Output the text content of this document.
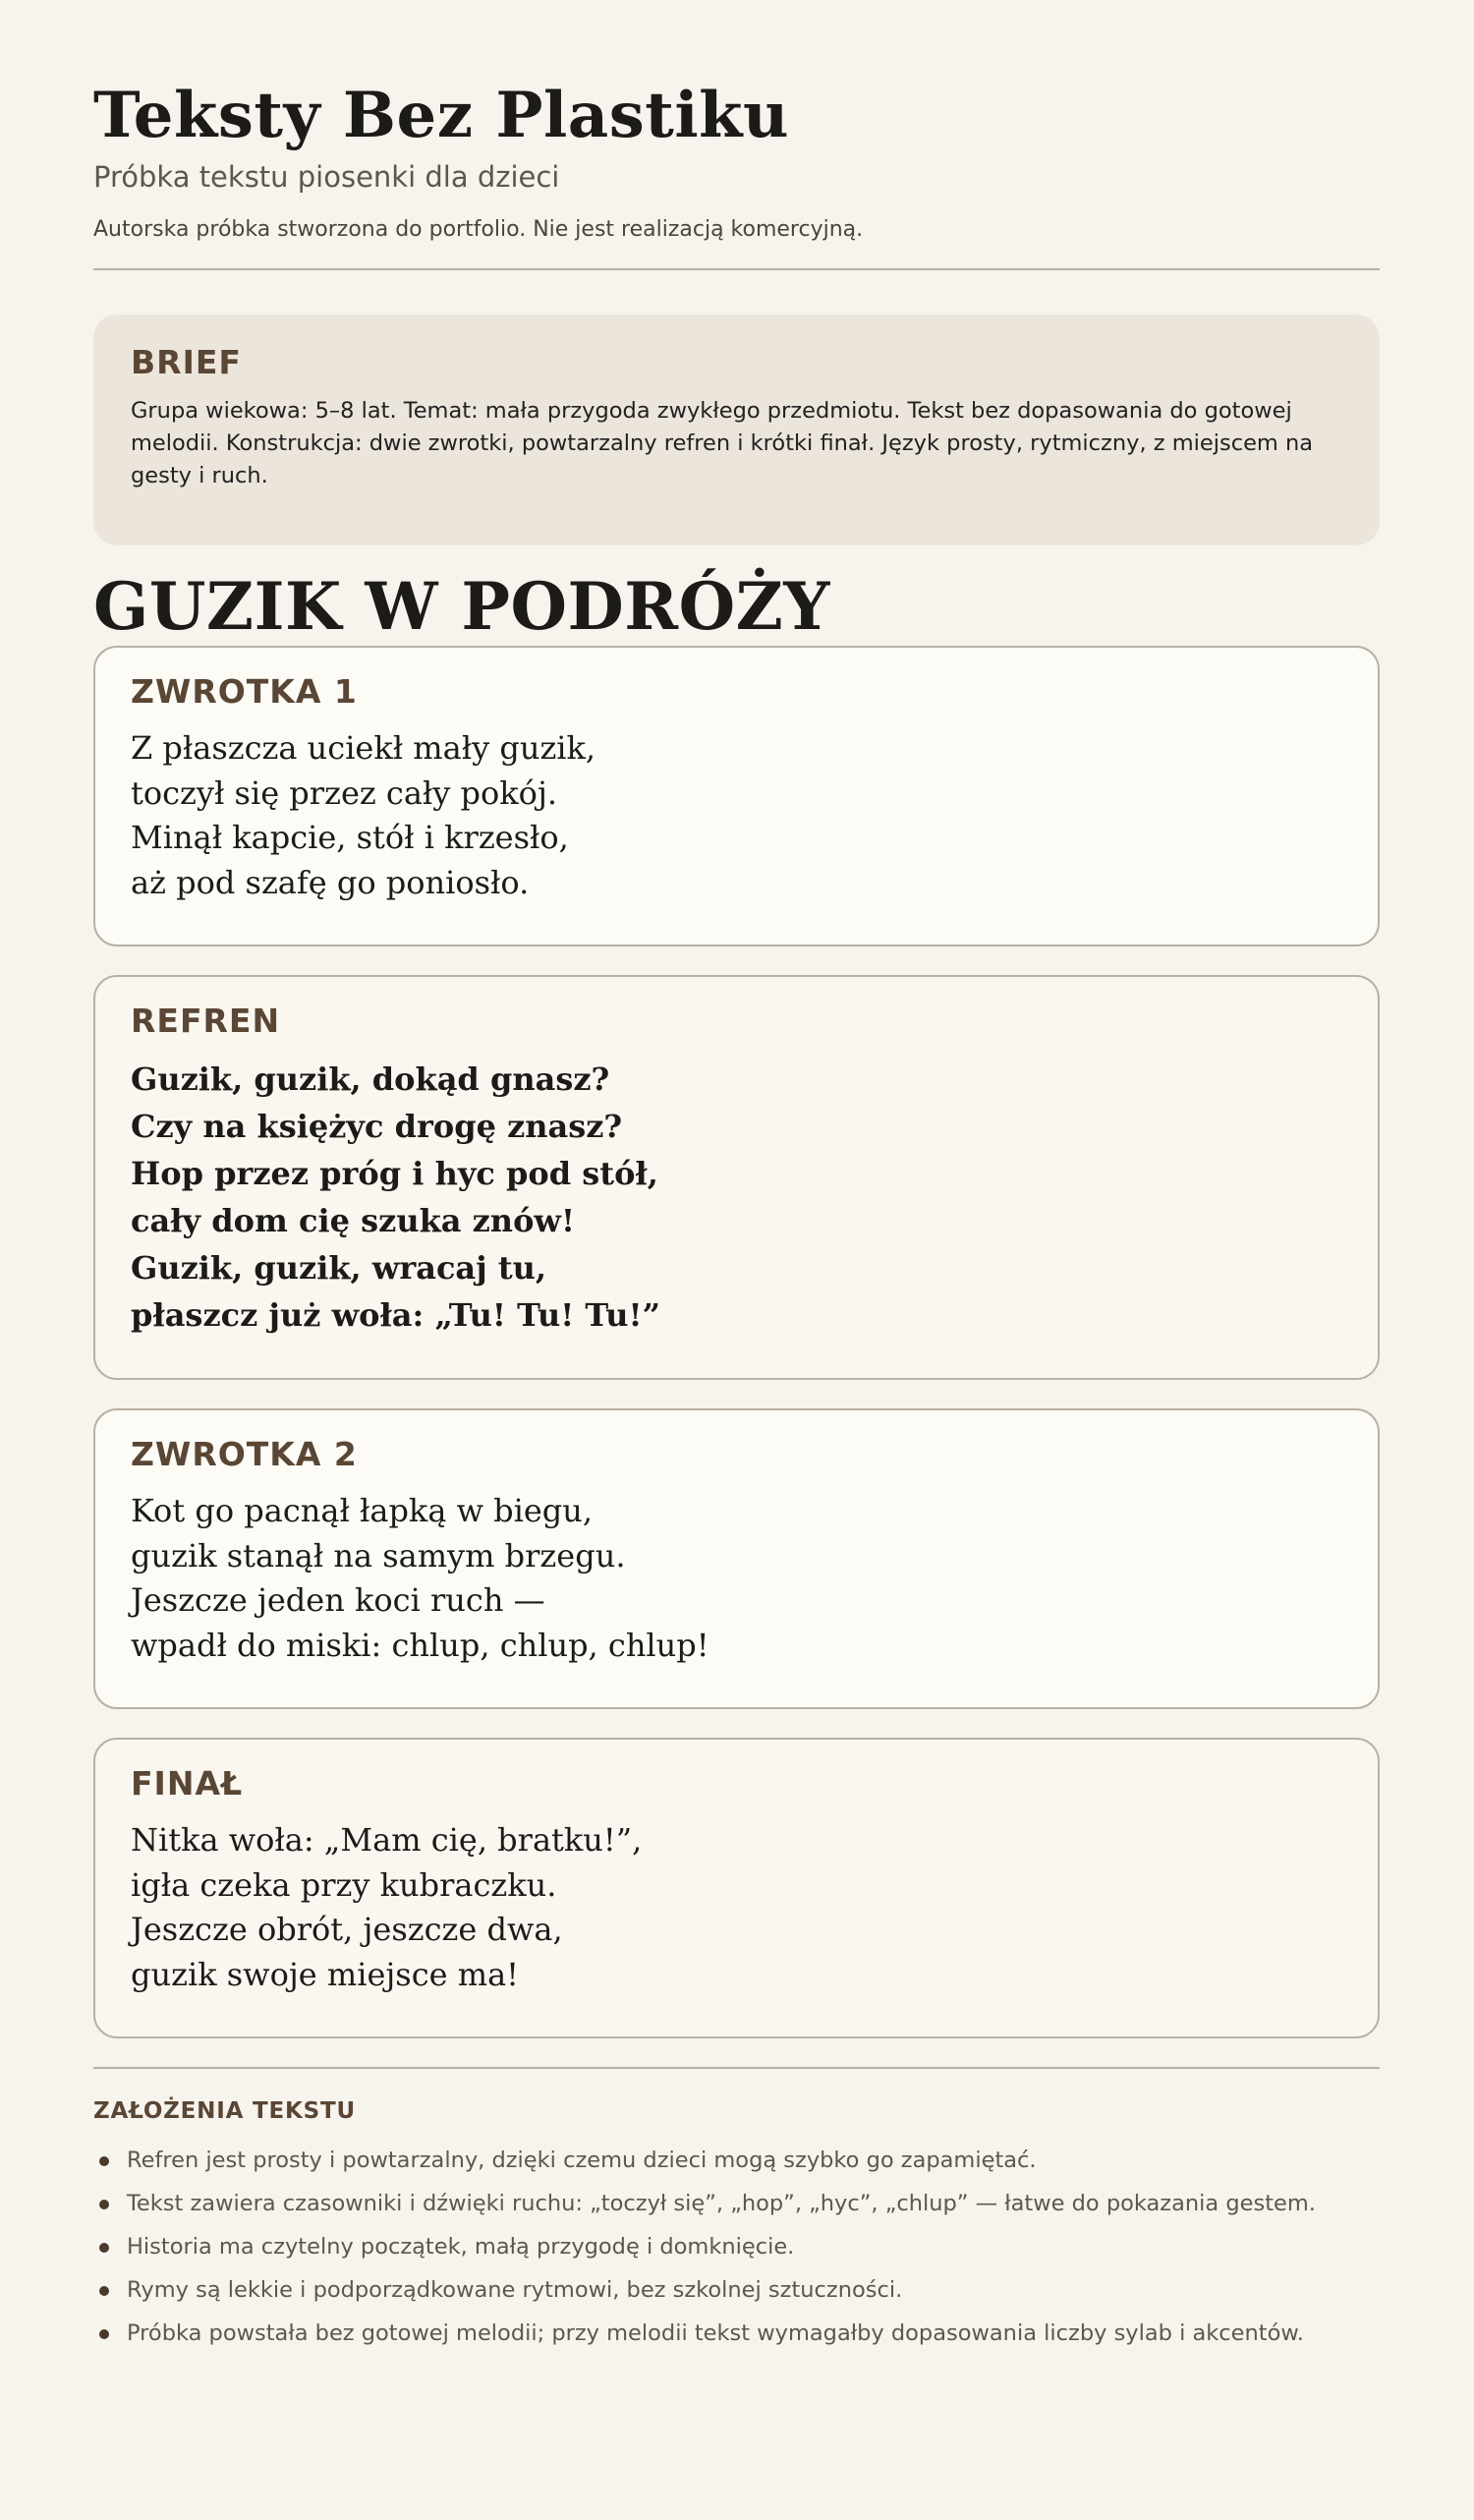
Teksty Bez Plastiku
Próbka tekstu piosenki dla dzieci
Autorska próbka stworzona do portfolio. Nie jest realizacją komercyjną.
BRIEF
Grupa wiekowa: 5–8 lat. Temat: mała przygoda zwykłego przedmiotu. Tekst bez dopasowania do gotowej melodii. Konstrukcja: dwie zwrotki, powtarzalny refren i krótki finał. Język prosty, rytmiczny, z miejscem na gesty i ruch.
GUZIK W PODRÓŻY
ZWROTKA 1
Z płaszcza uciekł mały guzik,
toczył się przez cały pokój.
Minął kapcie, stół i krzesło,
aż pod szafę go poniosło.
REFREN
Guzik, guzik, dokąd gnasz?
Czy na księżyc drogę znasz?
Hop przez próg i hyc pod stół,
cały dom cię szuka znów!
Guzik, guzik, wracaj tu,
płaszcz już woła: „Tu! Tu! Tu!”
ZWROTKA 2
Kot go pacnął łapką w biegu,
guzik stanął na samym brzegu.
Jeszcze jeden koci ruch —
wpadł do miski: chlup, chlup, chlup!
FINAŁ
Nitka woła: „Mam cię, bratku!”,
igła czeka przy kubraczku.
Jeszcze obrót, jeszcze dwa,
guzik swoje miejsce ma!
ZAŁOŻENIA TEKSTU
Refren jest prosty i powtarzalny, dzięki czemu dzieci mogą szybko go zapamiętać.
Tekst zawiera czasowniki i dźwięki ruchu: „toczył się”, „hop”, „hyc”, „chlup” — łatwe do pokazania gestem.
Historia ma czytelny początek, małą przygodę i domknięcie.
Rymy są lekkie i podporządkowane rytmowi, bez szkolnej sztuczności.
Próbka powstała bez gotowej melodii; przy melodii tekst wymagałby dopasowania liczby sylab i akcentów.
